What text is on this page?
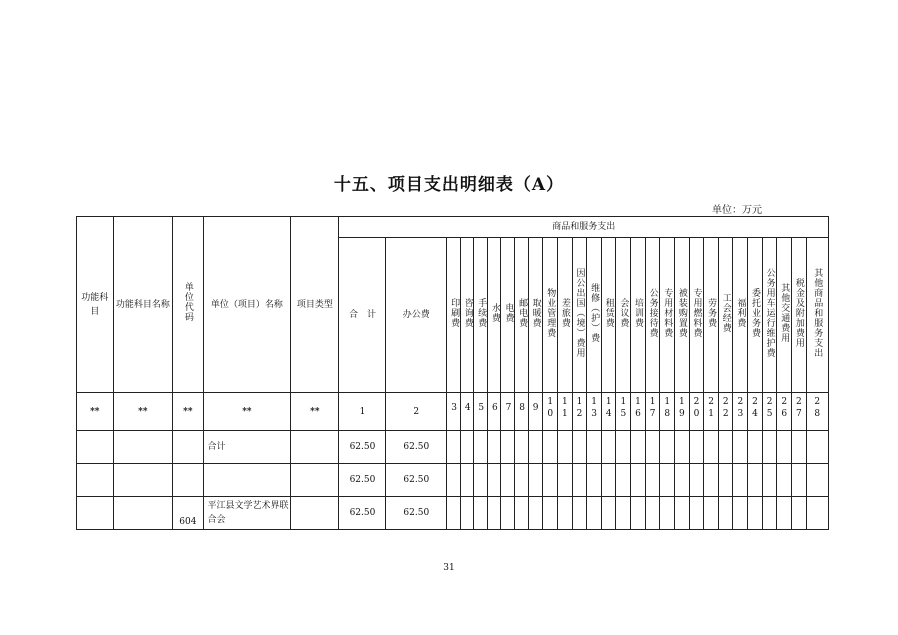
十五、项目支出明细表（A）
单位：万元
功能科目	功能科目名称	单位代码	单位（项目）名称	项目类型	商品和服务支出																											
					合　计	办公费	印刷费	咨询费	手续费	水费	电费	邮电费	取暖费	物业管理费	差旅费	因公出国（境）费用	维修（护）费	租赁费	会议费	培训费	公务接待费	专用材料费	被装购置费	专用燃料费	劳务费	工会经费	福利费	委托业务费	公务用车运行维护费	其他交通费用	税金及附加费用	其他商品和服务支出
**	**	**	**	**	1	2	3	4	5	6	7	8	9	10	11	12	13	14	15	16	17	18	19	20	21	22	23	24	25	26	27	28
			合计		62.50	62.50																										
					62.50	62.50																										
		604	平江县文学艺术界联合会		62.50	62.50																										
31
